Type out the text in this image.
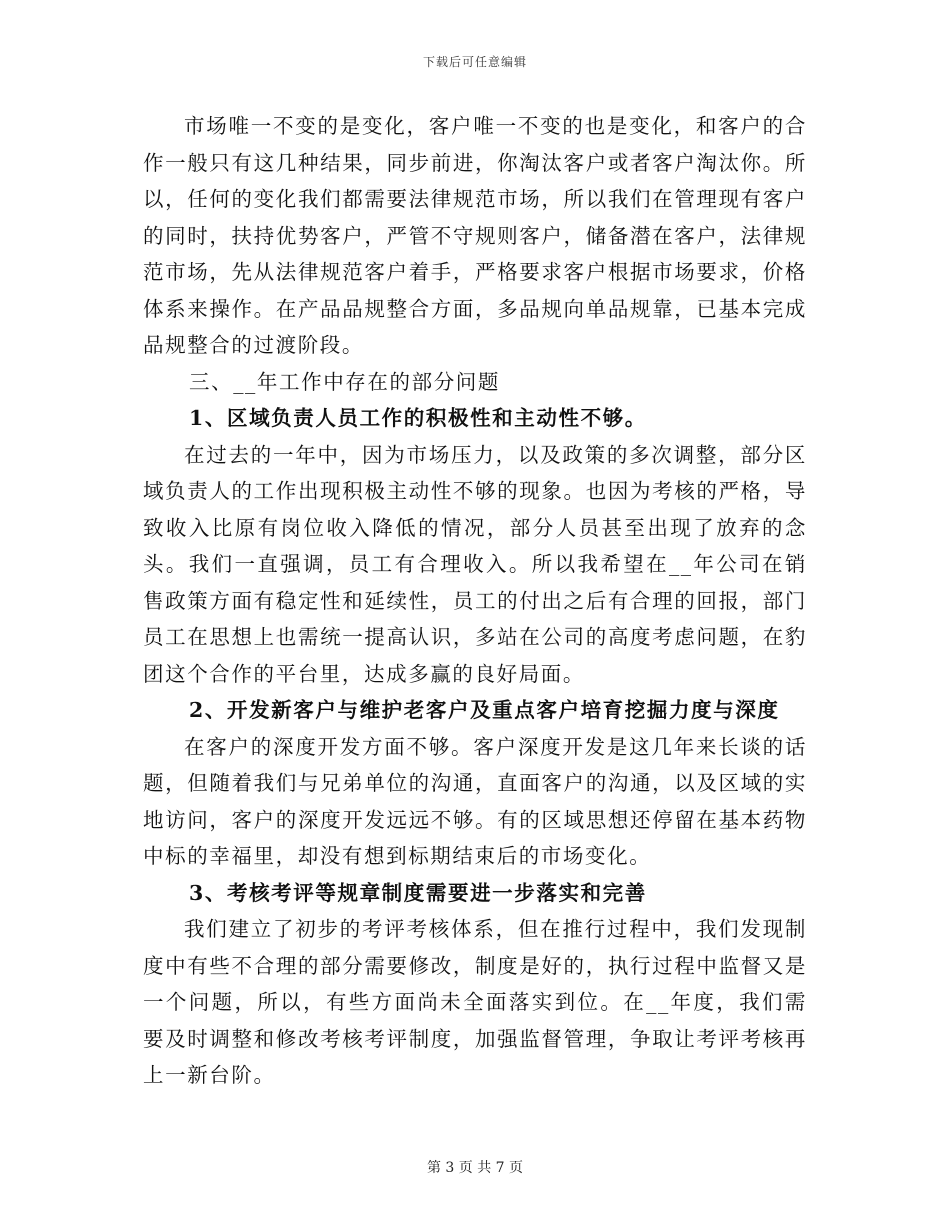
下载后可任意编辑

市场唯一不变的是变化，客户唯一不变的也是变化，和客户的合作一般只有这几种结果，同步前进，你淘汰客户或者客户淘汰你。所以，任何的变化我们都需要法律规范市场，所以我们在管理现有客户的同时，扶持优势客户，严管不守规则客户，储备潜在客户，法律规范市场，先从法律规范客户着手，严格要求客户根据市场要求，价格体系来操作。在产品品规整合方面，多品规向单品规靠，已基本完成品规整合的过渡阶段。

三、__年工作中存在的部分问题

1、区域负责人员工作的积极性和主动性不够。

在过去的一年中，因为市场压力，以及政策的多次调整，部分区域负责人的工作出现积极主动性不够的现象。也因为考核的严格，导致收入比原有岗位收入降低的情况，部分人员甚至出现了放弃的念头。我们一直强调，员工有合理收入。所以我希望在__年公司在销售政策方面有稳定性和延续性，员工的付出之后有合理的回报，部门员工在思想上也需统一提高认识，多站在公司的高度考虑问题，在豹团这个合作的平台里，达成多赢的良好局面。

2、开发新客户与维护老客户及重点客户培育挖掘力度与深度

在客户的深度开发方面不够。客户深度开发是这几年来长谈的话题，但随着我们与兄弟单位的沟通，直面客户的沟通，以及区域的实地访问，客户的深度开发远远不够。有的区域思想还停留在基本药物中标的幸福里，却没有想到标期结束后的市场变化。

3、考核考评等规章制度需要进一步落实和完善

我们建立了初步的考评考核体系，但在推行过程中，我们发现制度中有些不合理的部分需要修改，制度是好的，执行过程中监督又是一个问题，所以，有些方面尚未全面落实到位。在__年度，我们需要及时调整和修改考核考评制度，加强监督管理，争取让考评考核再上一新台阶。

第 3 页 共 7 页
